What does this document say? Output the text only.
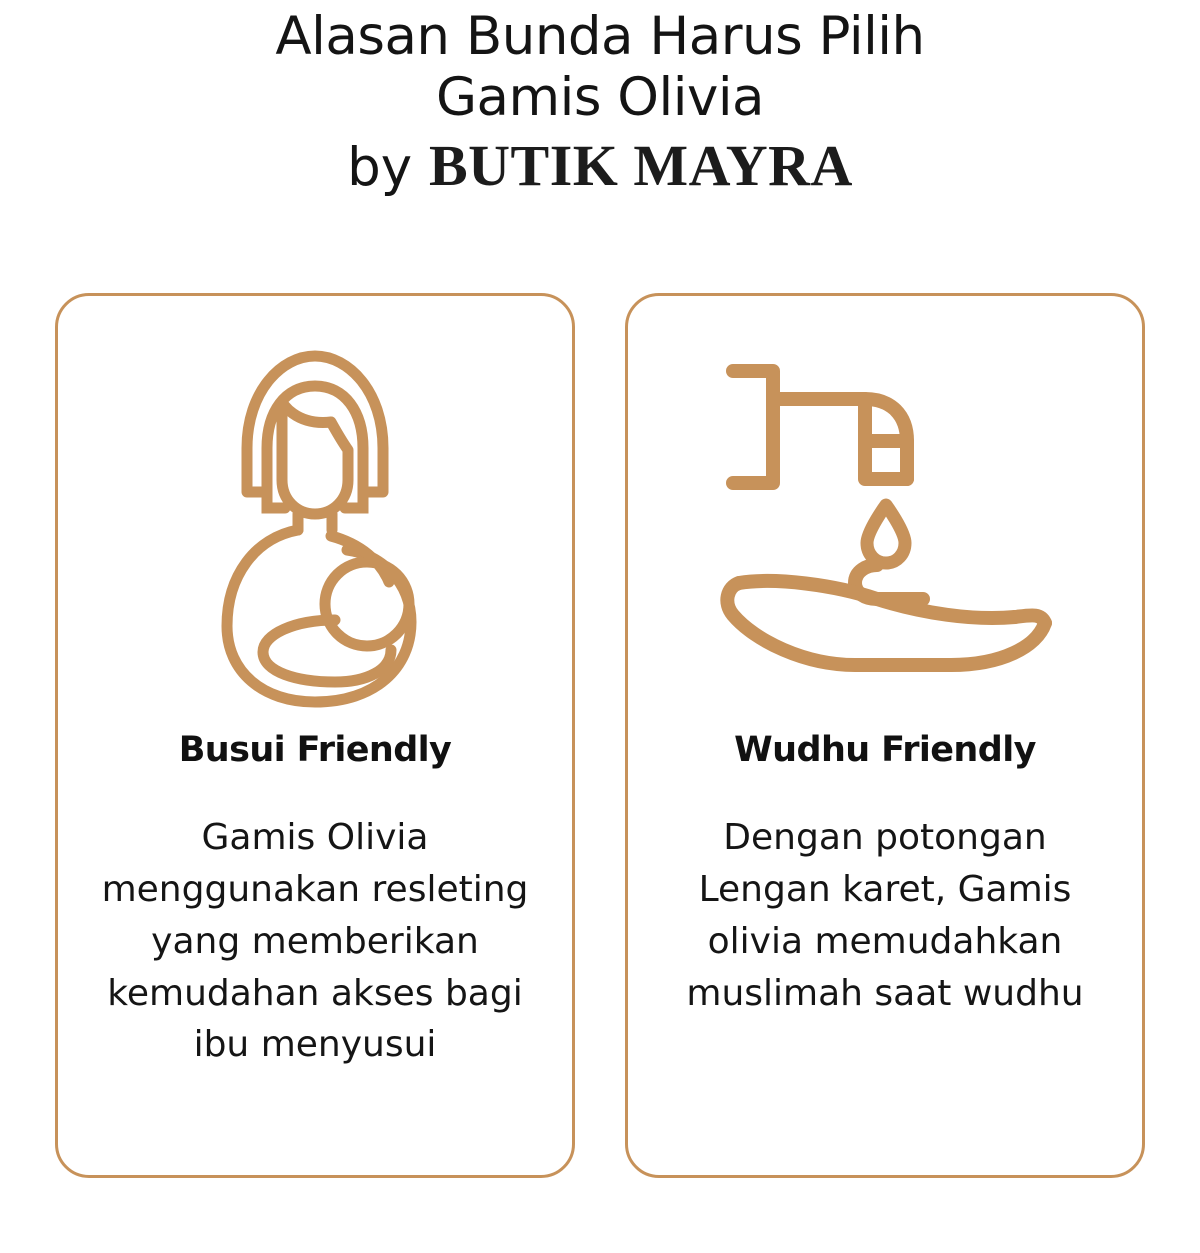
Alasan Bunda Harus Pilih
Gamis Olivia
by BUTIK MAYRA
Busui Friendly
Gamis Olivia menggunakan resleting yang memberikan kemudahan akses bagi ibu menyusui
Wudhu Friendly
Dengan potongan Lengan karet, Gamis olivia memudahkan muslimah saat wudhu
